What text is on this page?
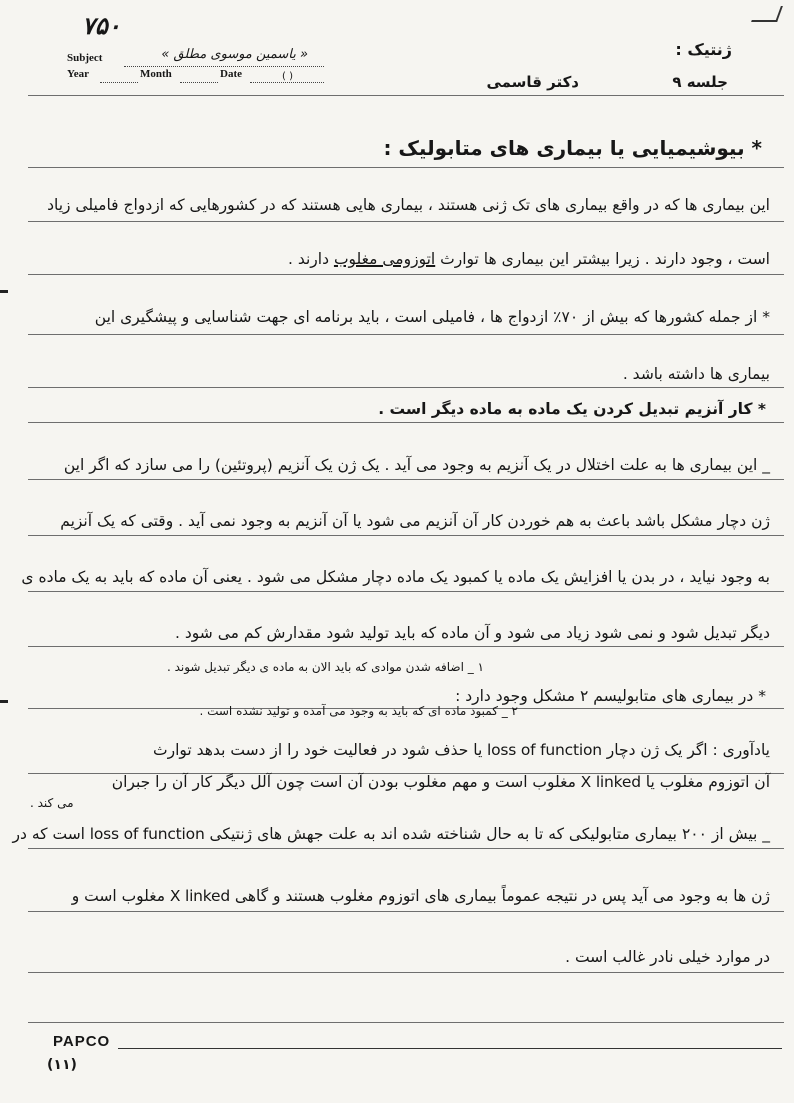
۷۵۰
Subject
Year	Month	Date
« یاسمین موسوی مطلق »
( )
ژنتیک :
جلسه ۹
دکتر قاسمی
* بیوشیمیایی یا بیماری های متابولیک :
این بیماری ها که در واقع بیماری های تک ژنی هستند ، بیماری هایی هستند که در کشورهایی که ازدواج فامیلی زیاد
است ، وجود دارند . زیرا بیشتر این بیماری ها توارث اتوزومی مغلوب دارند .
* از جمله کشورها که بیش از ۷۰٪ ازدواج ها ، فامیلی است ، باید برنامه ای جهت شناسایی و پیشگیری این
بیماری ها داشته باشد .
* کار آنزیم تبدیل کردن یک ماده به ماده دیگر است .
_ این بیماری ها به علت اختلال در یک آنزیم به وجود می آید . یک ژن یک آنزیم (پروتئین) را می سازد که اگر این
ژن دچار مشکل باشد باعث به هم خوردن کار آن آنزیم می شود یا آن آنزیم به وجود نمی آید . وقتی که یک آنزیم
به وجود نیاید ، در بدن یا افزایش یک ماده یا کمبود یک ماده دچار مشکل می شود . یعنی آن ماده که باید به یک ماده ی
دیگر تبدیل شود و نمی شود زیاد می شود و آن ماده که باید تولید شود مقدارش کم می شود .
۱ _ اضافه شدن موادی که باید الان به ماده ی دیگر تبدیل شوند .
* در بیماری های متابولیسم ۲ مشکل وجود دارد :
۲ _ کمبود ماده ای که باید به وجود می آمده و تولید نشده است .
یادآوری : اگر یک ژن دچار loss of function یا حذف شود در فعالیت خود را از دست بدهد توارث
آن اتوزوم مغلوب یا X linked مغلوب است و مهم مغلوب بودن آن است چون آلل دیگر کار آن را جبران
می کند .
_ بیش از ۲۰۰ بیماری متابولیکی که تا به حال شناخته شده اند به علت جهش های ژنتیکی loss of function است که در
ژن ها به وجود می آید پس در نتیجه عموماً بیماری های اتوزوم مغلوب هستند و گاهی X linked مغلوب است و
در موارد خیلی نادر غالب است .
PAPCO
(۱۱)
